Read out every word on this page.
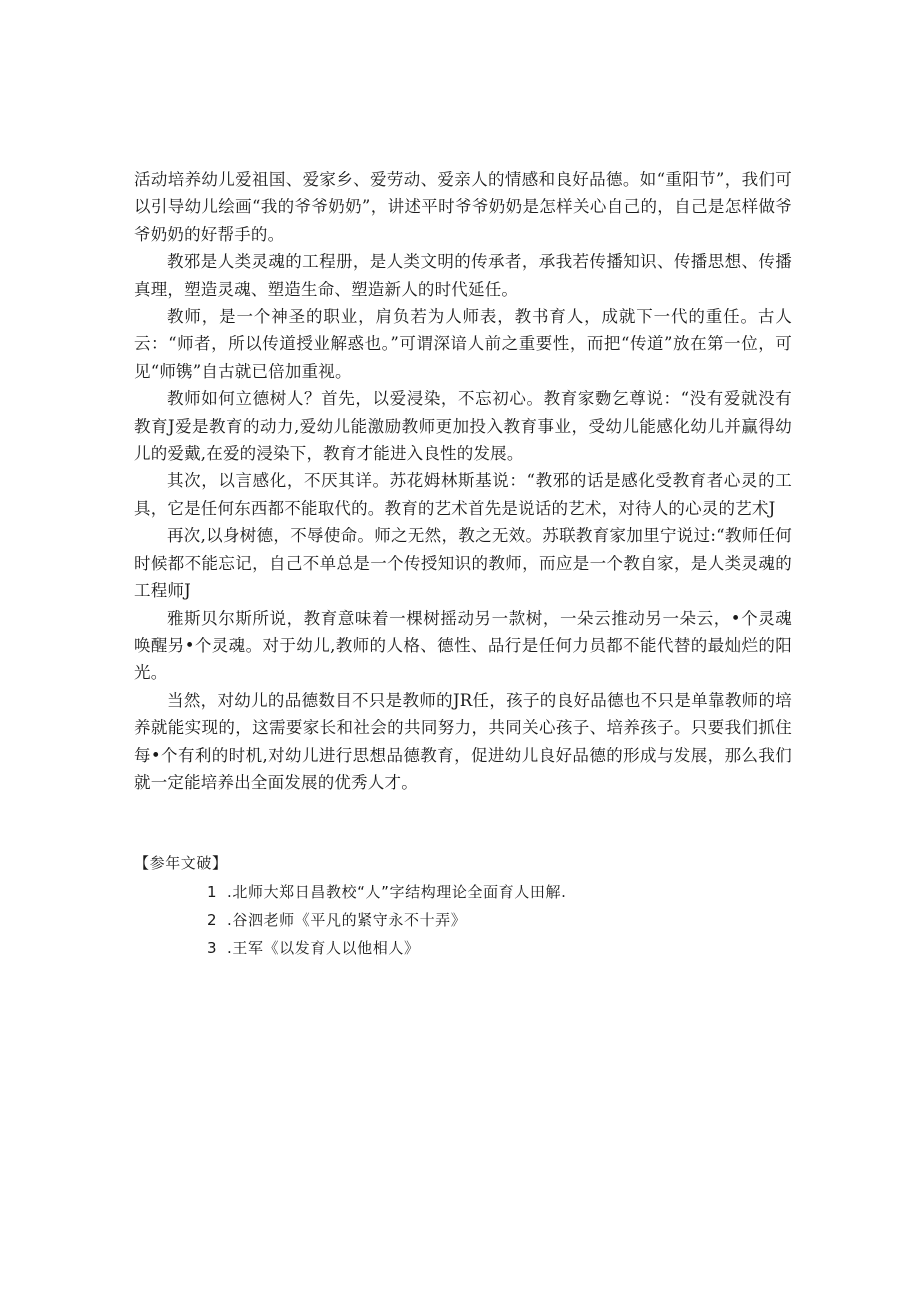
活动培养幼儿爱祖国、爱家乡、爱劳动、爱亲人的情感和良好品德。如“重阳节”，我们可以引导幼儿绘画“我的爷爷奶奶”，讲述平时爷爷奶奶是怎样关心自己的，自己是怎样做爷爷奶奶的好帮手的。

教邪是人类灵魂的工程册，是人类文明的传承者，承我若传播知识、传播思想、传播真理，塑造灵魂、塑造生命、塑造新人的时代延任。

教师，是一个神圣的职业，肩负若为人师表，教书育人，成就下一代的重任。古人云：“师者，所以传道授业解惑也。”可谓深谙人前之重要性，而把“传道”放在第一位，可见“师镌”自古就已倍加重视。

教师如何立德树人？首先，以爱浸染，不忘初心。教育家覅乞尊说：“没有爱就没有教育J爱是教育的动力,爱幼儿能激励教师更加投入教育事业，受幼儿能感化幼儿并赢得幼儿的爱戴,在爱的浸染下，教育才能进入良性的发展。

其次，以言感化，不厌其详。苏花姆林斯基说：“教邪的话是感化受教育者心灵的工具，它是任何东西都不能取代的。教育的艺术首先是说话的艺术，对待人的心灵的艺术J

再次,以身树德，不辱使命。师之无然，教之无效。苏联教育家加里宁说过:“教师任何时候都不能忘记，自己不单总是一个传授知识的教师，而应是一个教自家，是人类灵魂的工程师J

雅斯贝尔斯所说，教育意味着一棵树摇动另一款树，一朵云推动另一朵云，•个灵魂唤醒另•个灵魂。对于幼儿,教师的人格、德性、品行是任何力员都不能代替的最灿烂的阳光。

当然，对幼儿的品德数目不只是教师的JR任，孩子的良好品德也不只是单靠教师的培养就能实现的，这需要家长和社会的共同努力，共同关心孩子、培养孩子。只要我们抓住每•个有利的时机,对幼儿进行思想品德教育，促进幼儿良好品德的形成与发展，那么我们就一定能培养出全面发展的优秀人才。

【参年文破】
1 .北师大郑日昌教校“人”字结构理论全面育人田解.
2 .谷泗老师《平凡的紧守永不十弄》
3 .王军《以发育人以他相人》
